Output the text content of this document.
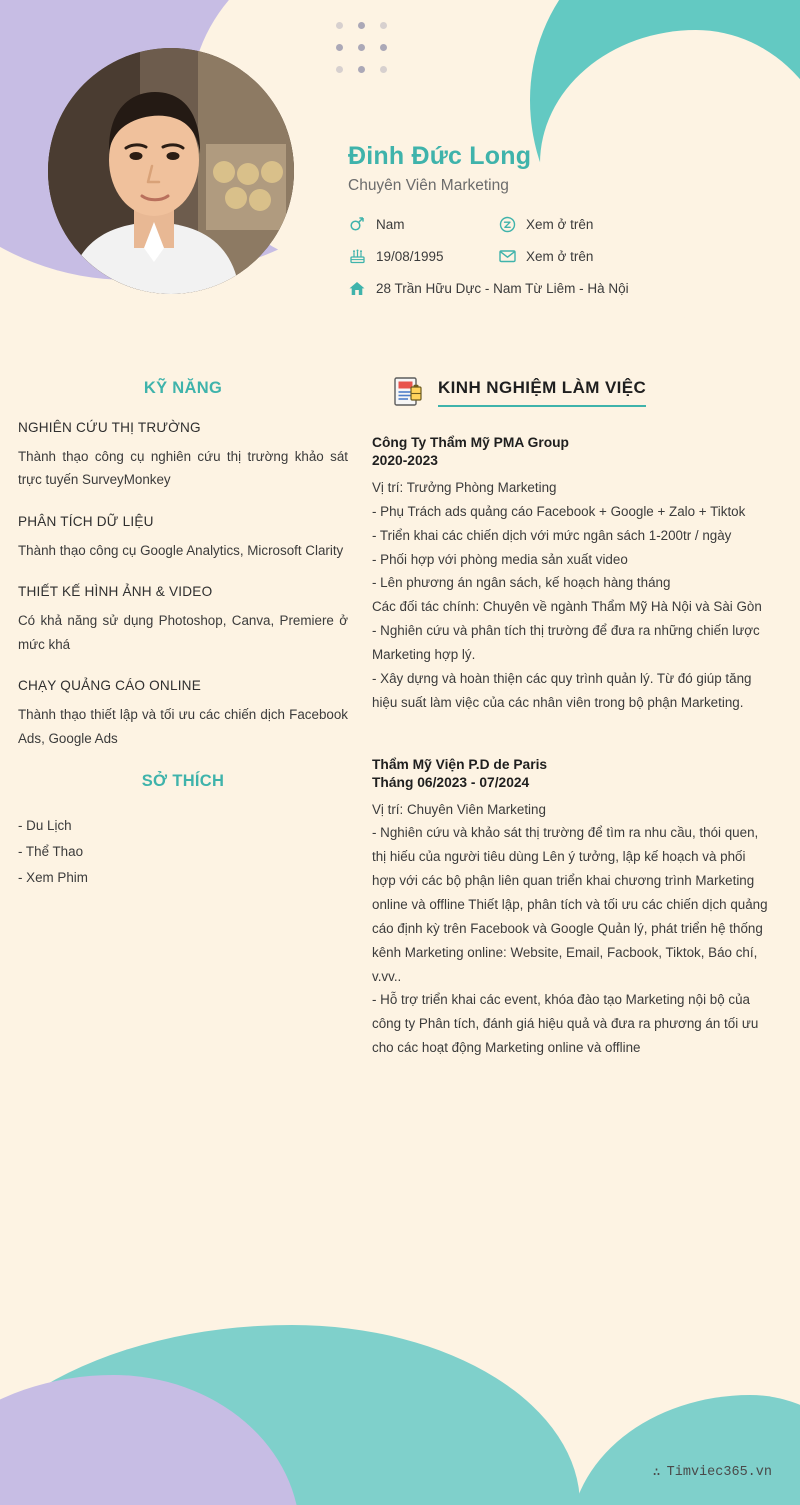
Đinh Đức Long

Chuyên Viên Marketing

Nam	Xem ở trên
19/08/1995	Xem ở trên
28 Trần Hữu Dực - Nam Từ Liêm - Hà Nội
KỸ NĂNG

NGHIÊN CỨU THỊ TRƯỜNG

Thành thạo công cụ nghiên cứu thị trường khảo sát trực tuyến SurveyMonkey

PHÂN TÍCH DỮ LIỆU

Thành thạo công cụ Google Analytics, Microsoft Clarity

THIẾT KẾ HÌNH ẢNH & VIDEO

Có khả năng sử dụng Photoshop, Canva, Premiere ở mức khá

CHẠY QUẢNG CÁO ONLINE

Thành thạo thiết lập và tối ưu các chiến dịch Facebook Ads, Google Ads

SỞ THÍCH
- Du Lịch
- Thể Thao
- Xem Phim
KINH NGHIỆM LÀM VIỆC

Công Ty Thẩm Mỹ PMA Group

2020-2023

Vị trí: Trưởng Phòng Marketing

- Phụ Trách ads quảng cáo Facebook + Google + Zalo + Tiktok

- Triển khai các chiến dịch với mức ngân sách 1-200tr / ngày

- Phối hợp với phòng media sản xuất video

- Lên phương án ngân sách, kế hoạch hàng tháng

Các đối tác chính: Chuyên về ngành Thẩm Mỹ Hà Nội và Sài Gòn

- Nghiên cứu và phân tích thị trường để đưa ra những chiến lược Marketing hợp lý.

- Xây dựng và hoàn thiện các quy trình quản lý. Từ đó giúp tăng hiệu suất làm việc của các nhân viên trong bộ phận Marketing.

Thẩm Mỹ Viện P.D de Paris

Tháng 06/2023 - 07/2024

Vị trí: Chuyên Viên Marketing

- Nghiên cứu và khảo sát thị trường để tìm ra nhu cầu, thói quen, thị hiếu của người tiêu dùng Lên ý tưởng, lập kế hoạch và phối hợp với các bộ phận liên quan triển khai chương trình Marketing online và offline Thiết lập, phân tích và tối ưu các chiến dịch quảng cáo định kỳ trên Facebook và Google Quản lý, phát triển hệ thống kênh Marketing online: Website, Email, Facbook, Tiktok, Báo chí, v.vv..

- Hỗ trợ triển khai các event, khóa đào tạo Marketing nội bộ của công ty Phân tích, đánh giá hiệu quả và đưa ra phương án tối ưu cho các hoạt động Marketing online và offline

∴ Timviec365.vn
